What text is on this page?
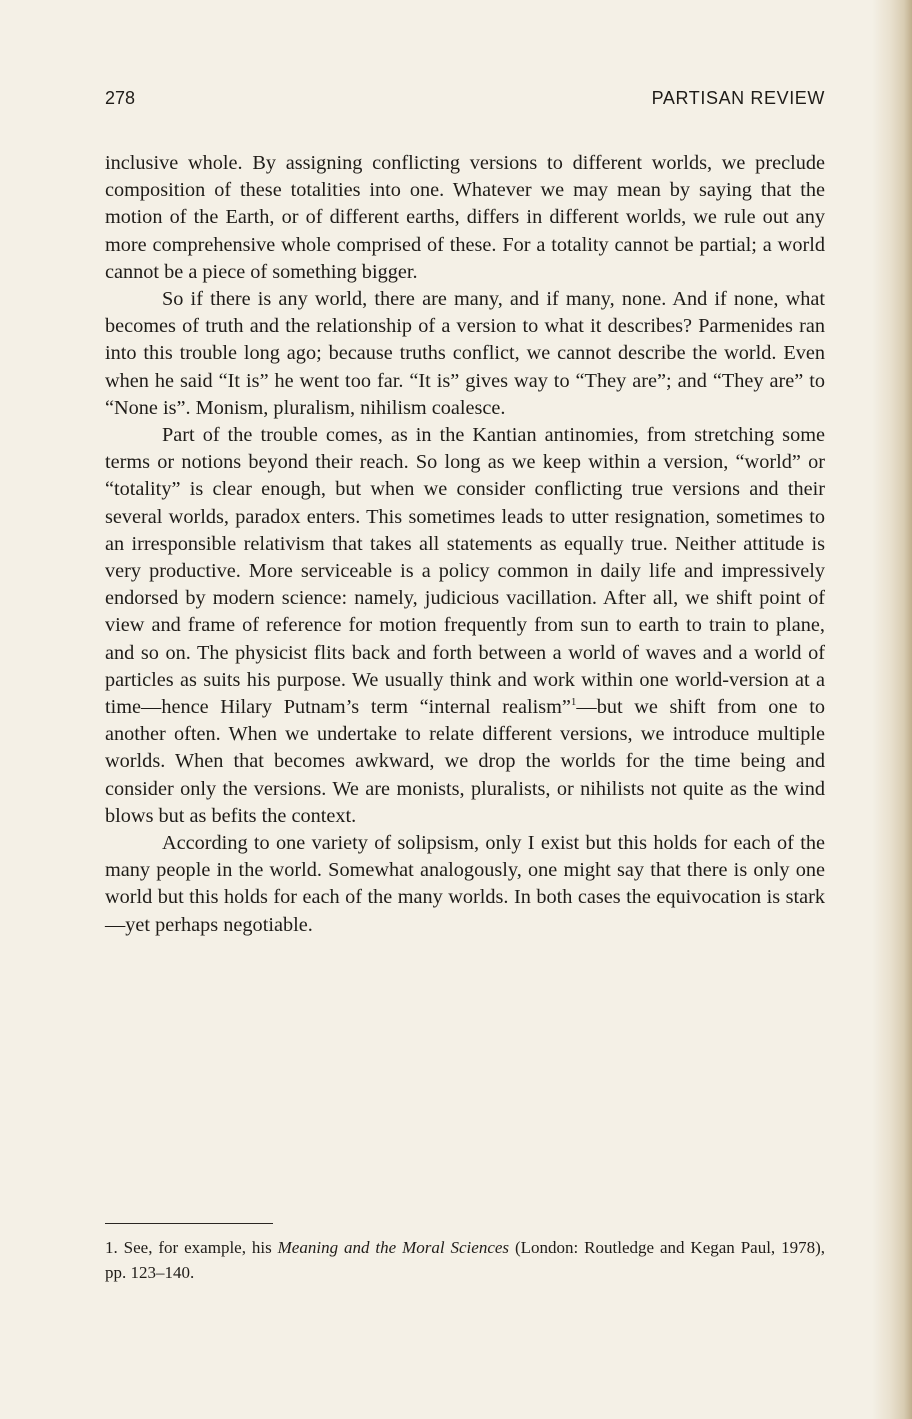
278	PARTISAN REVIEW

inclusive whole. By assigning conflicting versions to different worlds, we preclude composition of these totalities into one. Whatever we may mean by saying that the motion of the Earth, or of different earths, differs in different worlds, we rule out any more comprehensive whole comprised of these. For a totality cannot be partial; a world cannot be a piece of something bigger.

So if there is any world, there are many, and if many, none. And if none, what becomes of truth and the relationship of a version to what it describes? Parmenides ran into this trouble long ago; because truths conflict, we cannot describe the world. Even when he said “It is” he went too far. “It is” gives way to “They are”; and “They are” to “None is”. Monism, pluralism, nihilism coalesce.

Part of the trouble comes, as in the Kantian antinomies, from stretching some terms or notions beyond their reach. So long as we keep within a version, “world” or “totality” is clear enough, but when we consider conflicting true versions and their several worlds, paradox enters. This sometimes leads to utter resignation, sometimes to an irresponsible relativism that takes all statements as equally true. Neither attitude is very productive. More serviceable is a policy common in daily life and impressively endorsed by modern science: namely, judicious vacillation. After all, we shift point of view and frame of reference for motion frequently from sun to earth to train to plane, and so on. The physicist flits back and forth between a world of waves and a world of particles as suits his purpose. We usually think and work within one world-version at a time—hence Hilary Putnam’s term “internal realism”$^1$—but we shift from one to another often. When we undertake to relate different versions, we introduce multiple worlds. When that becomes awkward, we drop the worlds for the time being and consider only the versions. We are monists, pluralists, or nihilists not quite as the wind blows but as befits the context.

According to one variety of solipsism, only I exist but this holds for each of the many people in the world. Somewhat analogously, one might say that there is only one world but this holds for each of the many worlds. In both cases the equivocation is stark—yet perhaps negotiable.

1. See, for example, his Meaning and the Moral Sciences (London: Routledge and Kegan Paul, 1978), pp. 123–140.
